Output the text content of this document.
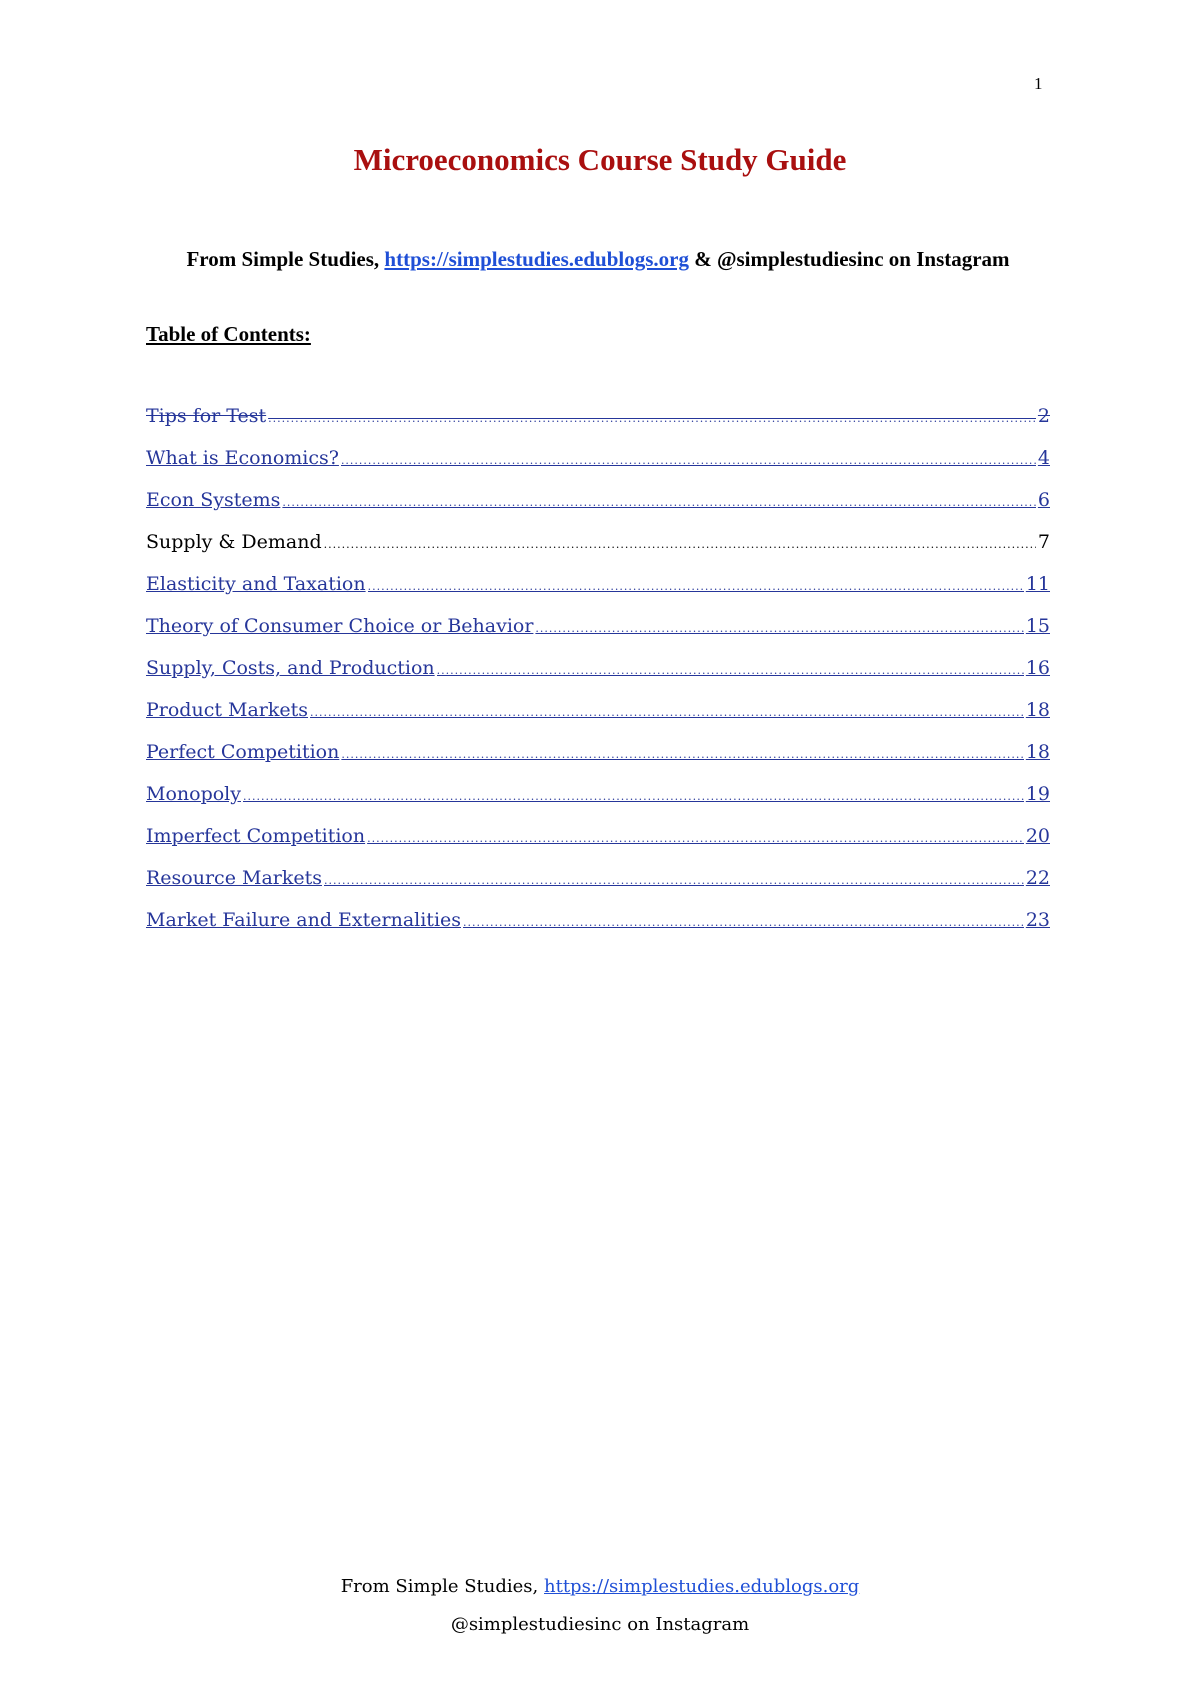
1
Microeconomics Course Study Guide
From Simple Studies, https://simplestudies.edublogs.org & @simplestudiesinc on Instagram
Table of Contents:
Tips for Test .....	2
What is Economics? .....	4
Econ Systems .....	6
Supply & Demand .....	7
Elasticity and Taxation .....	11
Theory of Consumer Choice or Behavior .....	15
Supply, Costs, and Production .....	16
Product Markets .....	18
Perfect Competition .....	18
Monopoly .....	19
Imperfect Competition .....	20
Resource Markets .....	22
Market Failure and Externalities .....	23
From Simple Studies, https://simplestudies.edublogs.org
@simplestudiesinc on Instagram
